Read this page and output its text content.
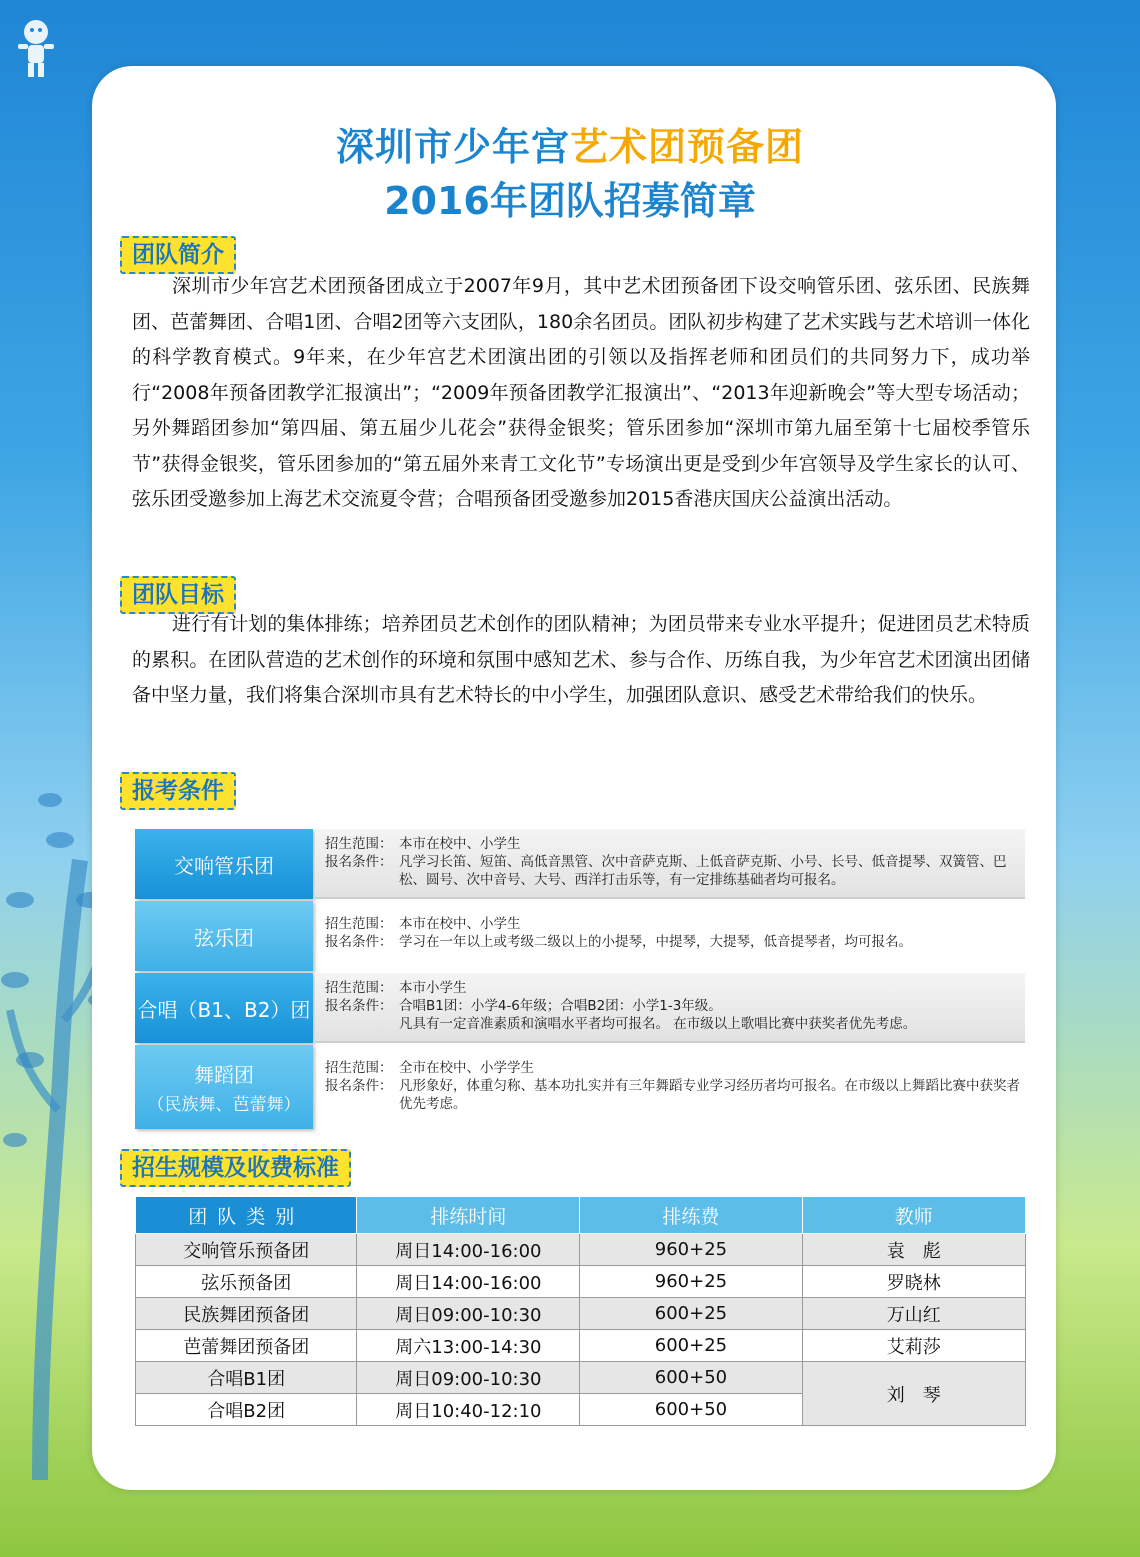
深圳市少年宫艺术团预备团
2016年团队招募简章
团队简介

深圳市少年宫艺术团预备团成立于2007年9月，其中艺术团预备团下设交响管乐团、弦乐团、民族舞团、芭蕾舞团、合唱1团、合唱2团等六支团队，180余名团员。团队初步构建了艺术实践与艺术培训一体化的科学教育模式。9年来，在少年宫艺术团演出团的引领以及指挥老师和团员们的共同努力下，成功举行“2008年预备团教学汇报演出”；“2009年预备团教学汇报演出”、“2013年迎新晚会”等大型专场活动；另外舞蹈团参加“第四届、第五届少儿花会”获得金银奖；管乐团参加“深圳市第九届至第十七届校季管乐节”获得金银奖，管乐团参加的“第五届外来青工文化节”专场演出更是受到少年宫领导及学生家长的认可、弦乐团受邀参加上海艺术交流夏令营；合唱预备团受邀参加2015香港庆国庆公益演出活动。

团队目标

进行有计划的集体排练；培养团员艺术创作的团队精神；为团员带来专业水平提升；促进团员艺术特质的累积。在团队营造的艺术创作的环境和氛围中感知艺术、参与合作、历练自我，为少年宫艺术团演出团储备中坚力量，我们将集合深圳市具有艺术特长的中小学生，加强团队意识、感受艺术带给我们的快乐。

报考条件
交响管乐团
招生范围： 本市在校中、小学生
报名条件： 凡学习长笛、短笛、高低音黑管、次中音萨克斯、上低音萨克斯、小号、长号、低音提琴、双簧管、巴松、圆号、次中音号、大号、西洋打击乐等，有一定排练基础者均可报名。
弦乐团
招生范围： 本市在校中、小学生
报名条件： 学习在一年以上或考级二级以上的小提琴，中提琴，大提琴，低音提琴者，均可报名。
合唱（B1、B2）团
招生范围： 本市小学生
报名条件： 合唱B1团：小学4-6年级；合唱B2团：小学1-3年级。
凡具有一定音准素质和演唱水平者均可报名。 在市级以上歌唱比赛中获奖者优先考虑。
舞蹈团
（民族舞、芭蕾舞）
招生范围： 全市在校中、小学学生
报名条件： 凡形象好，体重匀称、基本功扎实并有三年舞蹈专业学习经历者均可报名。在市级以上舞蹈比赛中获奖者优先考虑。
招生规模及收费标准
团队类别	排练时间	排练费	教师
交响管乐预备团	周日14:00-16:00	960+25	袁　彪
弦乐预备团	周日14:00-16:00	960+25	罗晓林
民族舞团预备团	周日09:00-10:30	600+25	万山红
芭蕾舞团预备团	周六13:00-14:30	600+25	艾莉莎
合唱B1团	周日09:00-10:30	600+50	刘　琴
合唱B2团	周日10:40-12:10	600+50	
